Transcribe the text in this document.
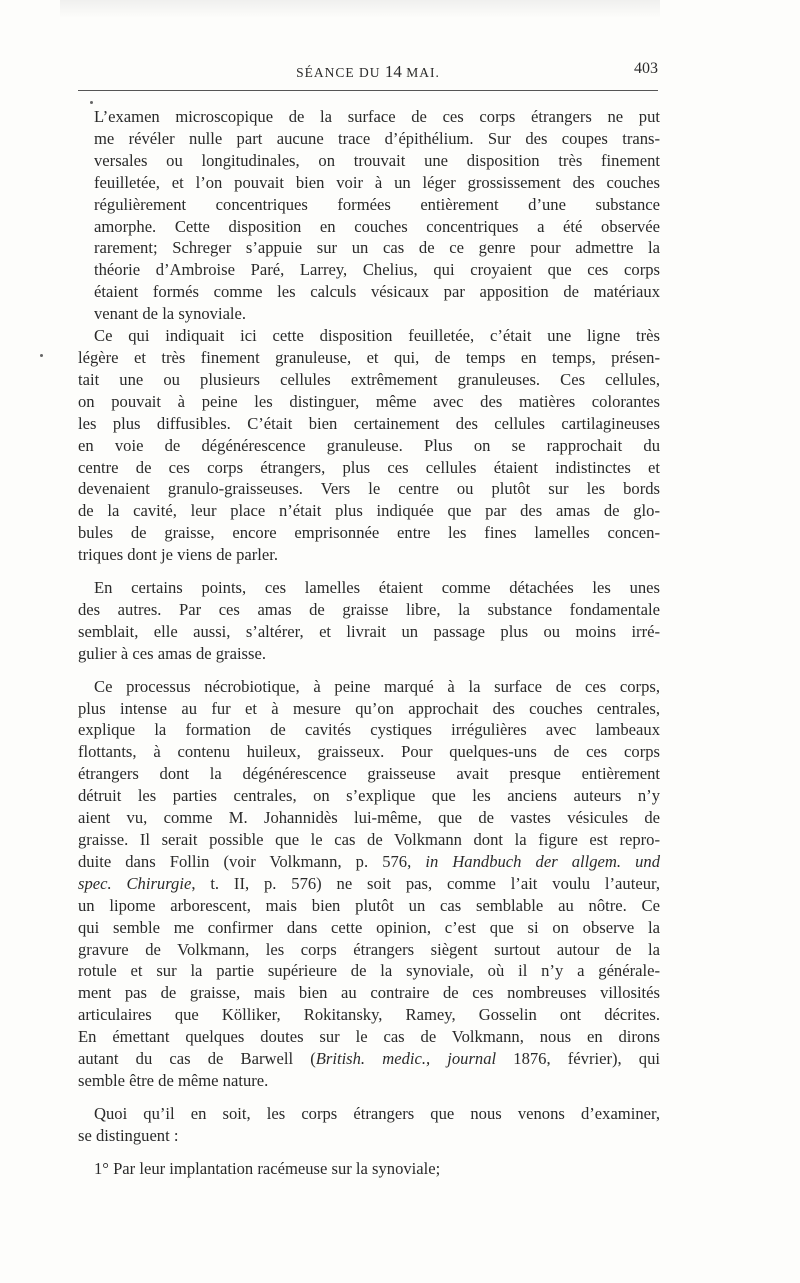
SÉANCE DU 14 MAI.	403

L’examen microscopique de la surface de ces corps étrangers ne put
me révéler nulle part aucune trace d’épithélium. Sur des coupes trans-
versales ou longitudinales, on trouvait une disposition très finement
feuilletée, et l’on pouvait bien voir à un léger grossissement des couches
régulièrement concentriques formées entièrement d’une substance
amorphe. Cette disposition en couches concentriques a été observée
rarement; Schreger s’appuie sur un cas de ce genre pour admettre la
théorie d’Ambroise Paré, Larrey, Chelius, qui croyaient que ces corps
étaient formés comme les calculs vésicaux par apposition de matériaux
venant de la synoviale.

Ce qui indiquait ici cette disposition feuilletée, c’était une ligne très
légère et très finement granuleuse, et qui, de temps en temps, présen-
tait une ou plusieurs cellules extrêmement granuleuses. Ces cellules,
on pouvait à peine les distinguer, même avec des matières colorantes
les plus diffusibles. C’était bien certainement des cellules cartilagineuses
en voie de dégénérescence granuleuse. Plus on se rapprochait du
centre de ces corps étrangers, plus ces cellules étaient indistinctes et
devenaient granulo-graisseuses. Vers le centre ou plutôt sur les bords
de la cavité, leur place n’était plus indiquée que par des amas de glo-
bules de graisse, encore emprisonnée entre les fines lamelles concen-
triques dont je viens de parler.

En certains points, ces lamelles étaient comme détachées les unes
des autres. Par ces amas de graisse libre, la substance fondamentale
semblait, elle aussi, s’altérer, et livrait un passage plus ou moins irré-
gulier à ces amas de graisse.

Ce processus nécrobiotique, à peine marqué à la surface de ces corps,
plus intense au fur et à mesure qu’on approchait des couches centrales,
explique la formation de cavités cystiques irrégulières avec lambeaux
flottants, à contenu huileux, graisseux. Pour quelques-uns de ces corps
étrangers dont la dégénérescence graisseuse avait presque entièrement
détruit les parties centrales, on s’explique que les anciens auteurs n’y
aient vu, comme M. Johannidès lui-même, que de vastes vésicules de
graisse. Il serait possible que le cas de Volkmann dont la figure est repro-
duite dans Follin (voir Volkmann, p. 576, in Handbuch der allgem. und
spec. Chirurgie, t. II, p. 576) ne soit pas, comme l’ait voulu l’auteur,
un lipome arborescent, mais bien plutôt un cas semblable au nôtre. Ce
qui semble me confirmer dans cette opinion, c’est que si on observe la
gravure de Volkmann, les corps étrangers siègent surtout autour de la
rotule et sur la partie supérieure de la synoviale, où il n’y a générale-
ment pas de graisse, mais bien au contraire de ces nombreuses villosités
articulaires que Kölliker, Rokitansky, Ramey, Gosselin ont décrites.
En émettant quelques doutes sur le cas de Volkmann, nous en dirons
autant du cas de Barwell (British. medic., journal 1876, février), qui
semble être de même nature.

Quoi qu’il en soit, les corps étrangers que nous venons d’examiner,
se distinguent :

1° Par leur implantation racémeuse sur la synoviale;
